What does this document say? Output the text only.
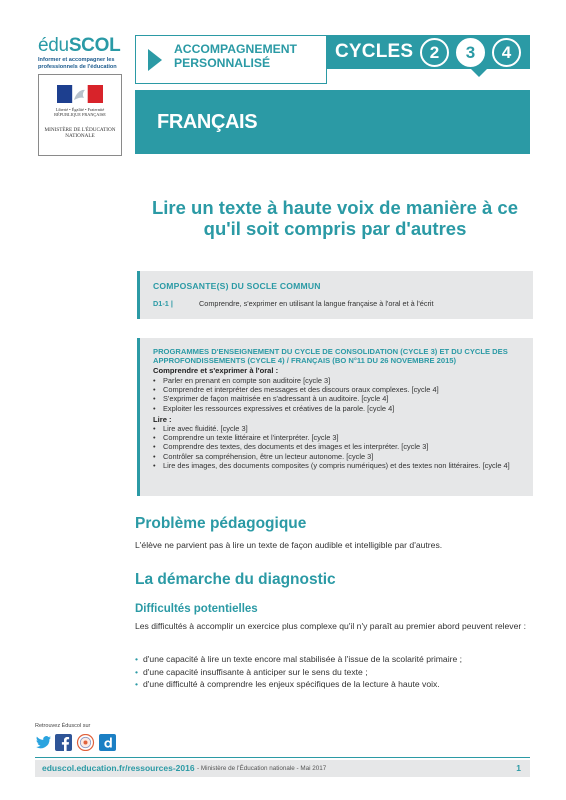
éduSCOL
Informer et accompagner les professionnels de l'éducation
Liberté • Égalité • Fraternité RÉPUBLIQUE FRANÇAISE
MINISTÈRE DE L'ÉDUCATION NATIONALE
ACCOMPAGNEMENT PERSONNALISÉ
CYCLES 2	3	4
FRANÇAIS
Lire un texte à haute voix de manière à ce qu'il soit compris par d'autres
COMPOSANTE(S) DU SOCLE COMMUN
D1-1 |	Comprendre, s'exprimer en utilisant la langue française à l'oral et à l'écrit
PROGRAMMES D'ENSEIGNEMENT DU CYCLE DE CONSOLIDATION (CYCLE 3) ET DU CYCLE DES APPROFONDISSEMENTS (CYCLE 4) / FRANÇAIS (BO N°11 DU 26 NOVEMBRE 2015)
Comprendre et s'exprimer à l'oral :
• Parler en prenant en compte son auditoire [cycle 3]
• Comprendre et interpréter des messages et des discours oraux complexes. [cycle 4]
• S'exprimer de façon maitrisée en s'adressant à un auditoire. [cycle 4]
• Exploiter les ressources expressives et créatives de la parole. [cycle 4]
Lire :
• Lire avec fluidité. [cycle 3]
• Comprendre un texte littéraire et l'interpréter. [cycle 3]
• Comprendre des textes, des documents et des images et les interpréter. [cycle 3]
• Contrôler sa compréhension, être un lecteur autonome. [cycle 3]
• Lire des images, des documents composites (y compris numériques) et des textes non littéraires. [cycle 4]
Problème pédagogique
L'élève ne parvient pas à lire un texte de façon audible et intelligible par d'autres.
La démarche du diagnostic
Difficultés potentielles
Les difficultés à accomplir un exercice plus complexe qu'il n'y paraît au premier abord peuvent relever :
• d'une capacité à lire un texte encore mal stabilisée à l'issue de la scolarité primaire ;
• d'une capacité insuffisante à anticiper sur le sens du texte ;
• d'une difficulté à comprendre les enjeux spécifiques de la lecture à haute voix.
Retrouvez Éduscol sur
eduscol.education.fr/ressources-2016 - Ministère de l'Éducation nationale - Mai 2017	1
